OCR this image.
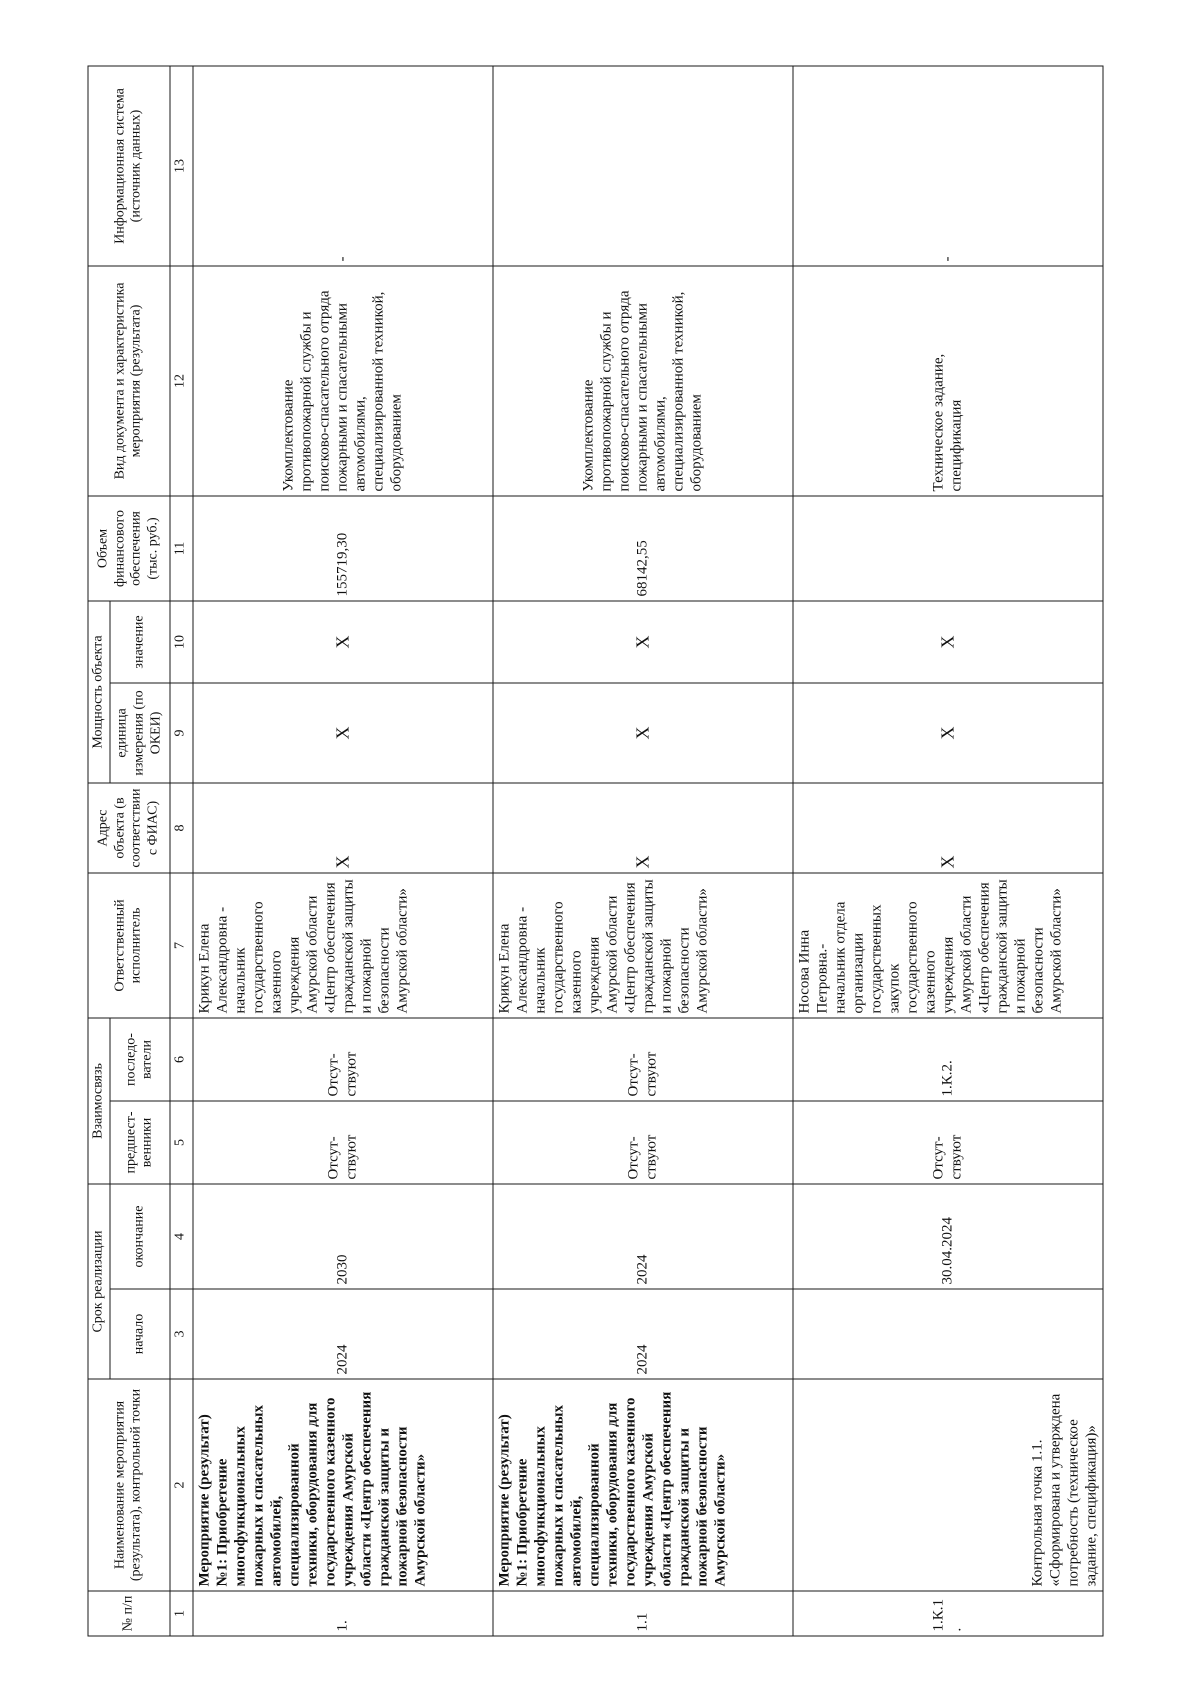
№ п/п	Наименование мероприятия (результата), контрольной точки	Срок реализации		Взаимосвязь		Ответственный исполнитель	Адрес объекта (в соответствии с ФИАС)	Мощность объекта		Объем финансового обеспечения (тыс. руб.)	Вид документа и характеристика мероприятия (результата)	Информационная система (источник данных)
		начало	окончание	предшест-венники	последо-ватели			единица измерения (по ОКЕИ)	значение			
1	2	3	4	5	6	7	8	9	10	11	12	13
1.	Мероприятие (результат) №1: Приобретение многофункциональных пожарных и спасательных автомобилей, специализированной техники, оборудования для государственного казенного учреждения Амурской области «Центр обеспечения гражданской защиты и пожарной безопасности Амурской области»	2024	2030	Отсут-ствуют	Отсут-ствуют	Крикун Елена Александровна - начальник государственного казенного учреждения Амурской области «Центр обеспечения гражданской защиты и пожарной безопасности Амурской области»	X	X	X	155719,30	Укомплектование противопожарной службы и поисково-спасательного отряда пожарными и спасательными автомобилями, специализированной техникой, оборудованием	-
1.1	Мероприятие (результат) №1: Приобретение многофункциональных пожарных и спасательных автомобилей, специализированной техники, оборудования для государственного казенного учреждения Амурской области «Центр обеспечения гражданской защиты и пожарной безопасности Амурской области»	2024	2024	Отсут-ствуют	Отсут-ствуют	Крикун Елена Александровна - начальник государственного казенного учреждения Амурской области «Центр обеспечения гражданской защиты и пожарной безопасности Амурской области»	X	X	X	68142,55	Укомплектование противопожарной службы и поисково-спасательного отряда пожарными и спасательными автомобилями, специализированной техникой, оборудованием	
1.К.1.	Контрольная точка 1.1. «Сформирована и утверждена потребность (техническое задание, спецификация)»		30.04.2024	Отсут-ствуют	1.К.2.	Носова Инна Петровна.- начальник отдела организации государственных закупок государственного казенного учреждения Амурской области «Центр обеспечения гражданской защиты и пожарной безопасности Амурской области»	X	X	X		Техническое задание, спецификация	-
